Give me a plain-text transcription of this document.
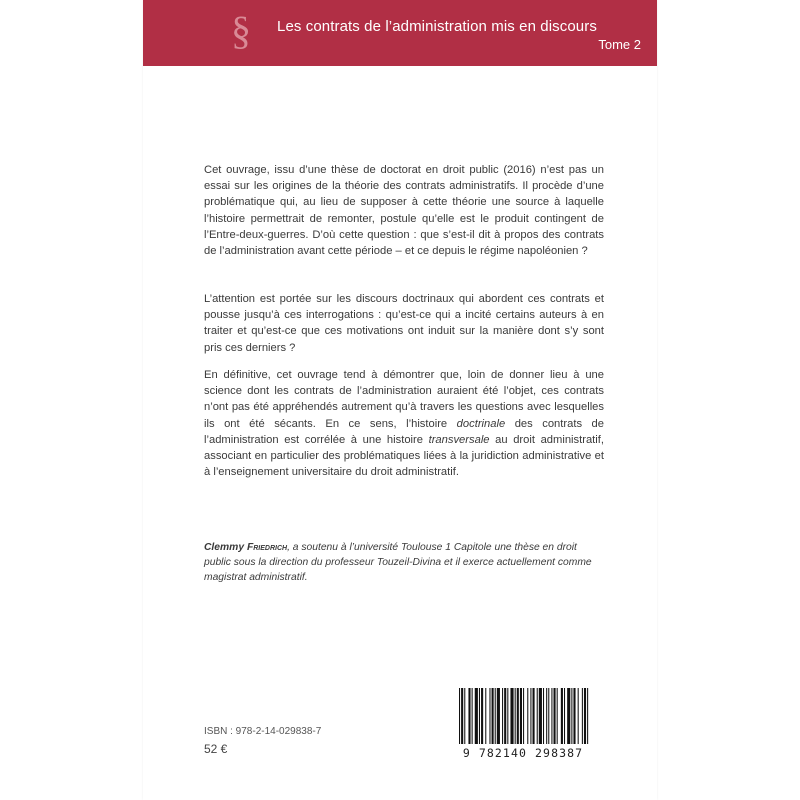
§ Les contrats de l’administration mis en discours
Tome 2

Cet ouvrage, issu d’une thèse de doctorat en droit public (2016) n’est pas un essai sur les origines de la théorie des contrats administratifs. Il procède d’une problématique qui, au lieu de supposer à cette théorie une source à laquelle l’histoire permettrait de remonter, postule qu’elle est le produit contingent de l’Entre-deux-guerres. D’où cette question : que s’est-il dit à propos des contrats de l’administration avant cette période – et ce depuis le régime napoléonien ?

L’attention est portée sur les discours doctrinaux qui abordent ces contrats et pousse jusqu’à ces interrogations : qu’est-ce qui a incité certains auteurs à en traiter et qu’est-ce que ces motivations ont induit sur la manière dont s’y sont pris ces derniers ?

En définitive, cet ouvrage tend à démontrer que, loin de donner lieu à une science dont les contrats de l’administration auraient été l’objet, ces contrats n’ont pas été appréhendés autrement qu’à travers les questions avec lesquelles ils ont été sécants. En ce sens, l’histoire doctrinale des contrats de l’administration est corrélée à une histoire transversale au droit administratif, associant en particulier des problématiques liées à la juridiction administrative et à l’enseignement universitaire du droit administratif.

Clemmy Friedrich, a soutenu à l’université Toulouse 1 Capitole une thèse en droit public sous la direction du professeur Touzeil-Divina et il exerce actuellement comme magistrat administratif.

ISBN : 978-2-14-029838-7
52 €	9 782140 298387
